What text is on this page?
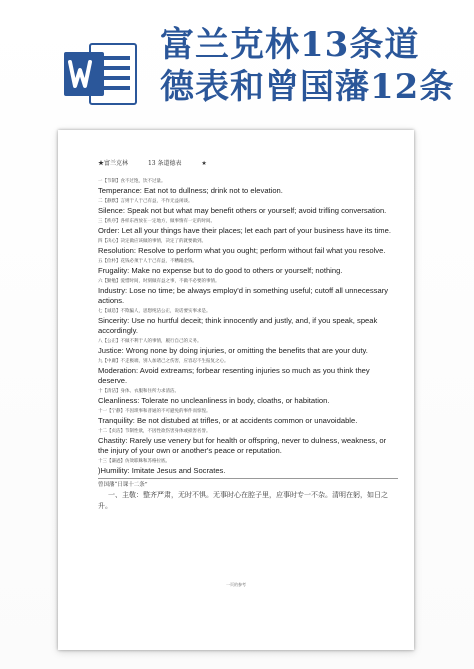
富兰克林13条道
德表和曾国藩12条
★富兰克林	13 条道德表	★
一【节制】食不过饱，饮不过量。
Temperance: Eat not to dullness; drink not to elevation.
二【静默】言则于人于己有益，不作无益闲谈。
Silence: Speak not but what may benefit others or yourself; avoid trifling conversation.
三【秩序】各样东西放在一定地方，做事情有一定的时间。
Order: Let all your things have their places; let each part of your business have its time.
四【决心】决定做应该做的事情，决定了的就要做到。
Resolution: Resolve to perform what you ought; perform without fail what you resolve.
五【俭朴】花钱必须于人于己有益，不糟蹋金钱。
Frugality: Make no expense but to do good to others or yourself; nothing.
六【勤勉】爱惜时间，时刻做有益之事，不做不必要的事情。
Industry: Lose no time; be always employ'd in something useful; cutoff all unnecessary actions.
七【诚恳】不欺骗人，思想纯洁公正，说话要实事求是。
Sincerity: Use no hurtful deceit; think innocently and justly, and, if you speak, speak accordingly.
八【公正】不做不利于人的事情，履行自己的义务。
Justice: Wrong none by doing injuries, or omitting the benefits that are your duty.
九【中庸】不走极端，别人加诸己之伤害，应容忍不生报复之心。
Moderation: Avoid extreams; forbear resenting injuries so much as you think they deserve.
十【清洁】身体、衣服和住所力求清洁。
Cleanliness: Tolerate no uncleanliness in body, cloaths, or habitation.
十一【宁静】不因琐事和普通的不可避免的事件而惊惶。
Tranquility: Be not distubed at trifles, or at accidents common or unavoidable.
十二【贞洁】节制性欲，不因性欲伤害身体或损害名誉。
Chastity: Rarely use venery but for health or offspring, never to dulness, weakness, or the injury of your own or another's peace or reputation.
十三【谦逊】仿效耶稣和苏格拉底。
)Humility: Imitate Jesus and Socrates.
曾国藩“日课十二条”
一、主敬：整齐严肃，无时不惧。无事时心在腔子里，应事时专一不杂。清明在躬，如日之升。
一页的参考
